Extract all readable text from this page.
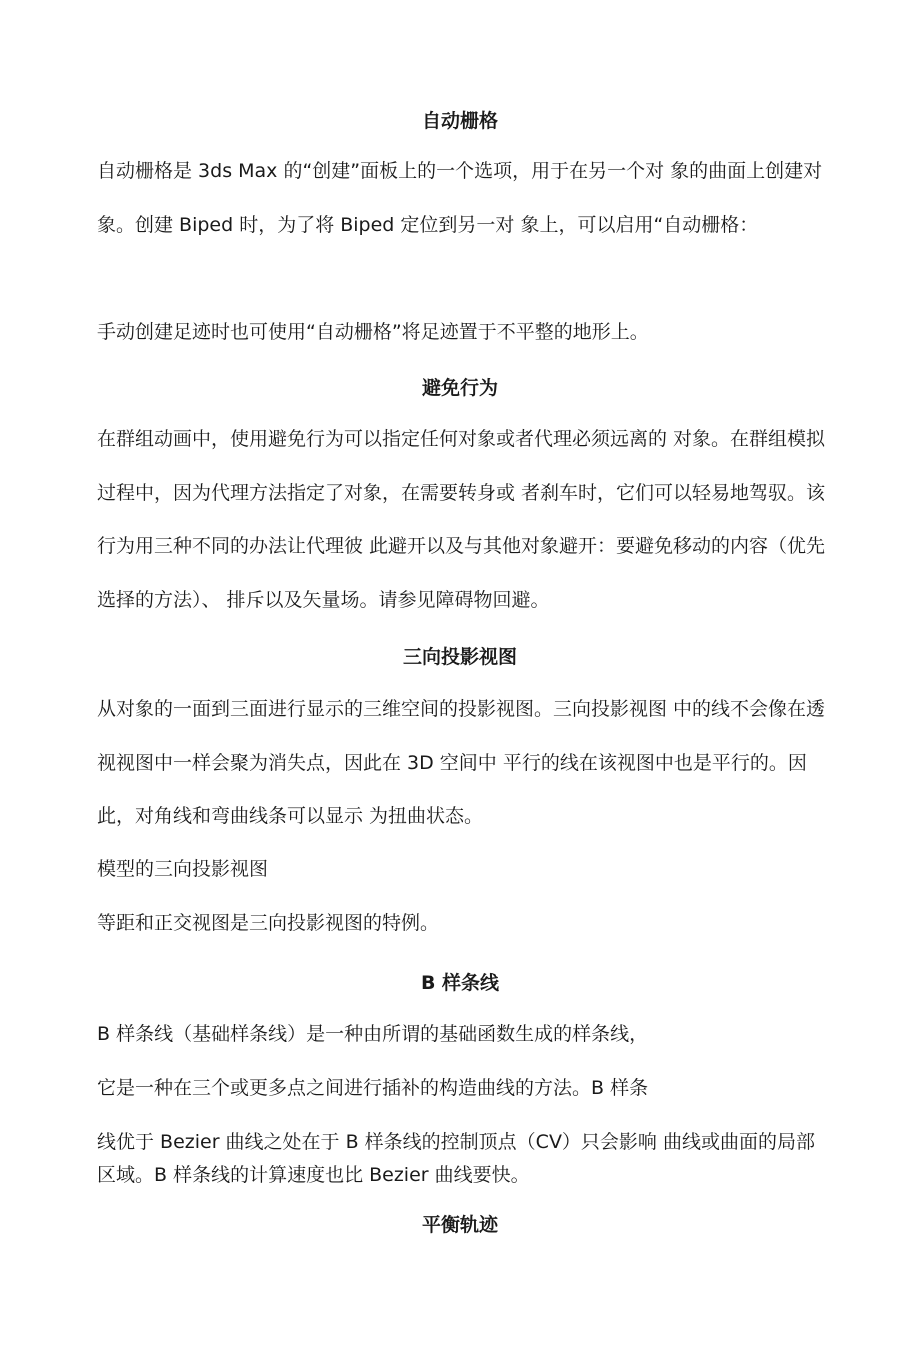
自动栅格

自动栅格是 3ds Max 的“创建”面板上的一个选项，用于在另一个对 象的曲面上创建对象。创建 Biped 时，为了将 Biped 定位到另一对 象上，可以启用“自动栅格：

手动创建足迹时也可使用“自动栅格”将足迹置于不平整的地形上。

避免行为

在群组动画中，使用避免行为可以指定任何对象或者代理必须远离的 对象。在群组模拟过程中，因为代理方法指定了对象，在需要转身或 者刹车时，它们可以轻易地驾驭。该行为用三种不同的办法让代理彼 此避开以及与其他对象避开：要避免移动的内容（优先选择的方法）、 排斥以及矢量场。请参见障碍物回避。

三向投影视图

从对象的一面到三面进行显示的三维空间的投影视图。三向投影视图 中的线不会像在透视视图中一样会聚为消失点，因此在 3D 空间中 平行的线在该视图中也是平行的。因此，对角线和弯曲线条可以显示 为扭曲状态。

模型的三向投影视图

等距和正交视图是三向投影视图的特例。

B 样条线

B 样条线（基础样条线）是一种由所谓的基础函数生成的样条线，

它是一种在三个或更多点之间进行插补的构造曲线的方法。B 样条

线优于 Bezier 曲线之处在于 B 样条线的控制顶点（CV）只会影响 曲线或曲面的局部区域。B 样条线的计算速度也比 Bezier 曲线要快。

平衡轨迹
